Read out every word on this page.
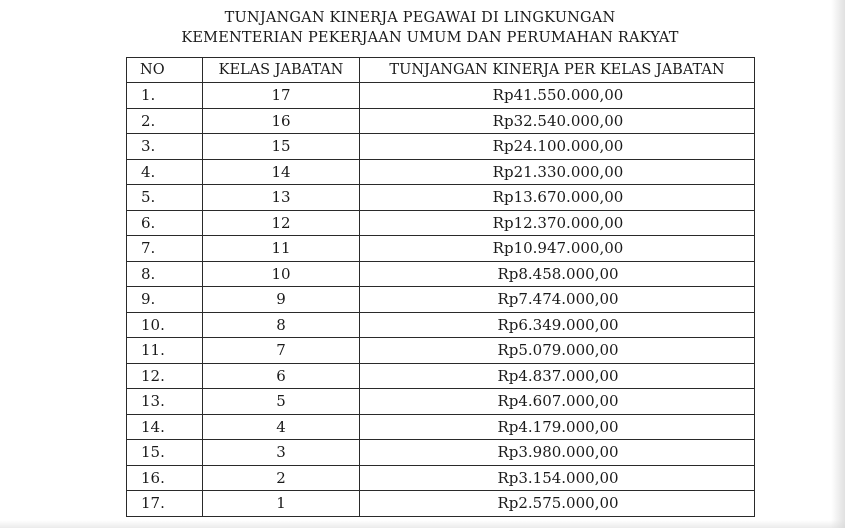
TUNJANGAN KINERJA PEGAWAI DI LINGKUNGAN
KEMENTERIAN PEKERJAAN UMUM DAN PERUMAHAN RAKYAT
NO	KELAS JABATAN	TUNJANGAN KINERJA PER KELAS JABATAN
1.	17	Rp41.550.000,00
2.	16	Rp32.540.000,00
3.	15	Rp24.100.000,00
4.	14	Rp21.330.000,00
5.	13	Rp13.670.000,00
6.	12	Rp12.370.000,00
7.	11	Rp10.947.000,00
8.	10	Rp8.458.000,00
9.	9	Rp7.474.000,00
10.	8	Rp6.349.000,00
11.	7	Rp5.079.000,00
12.	6	Rp4.837.000,00
13.	5	Rp4.607.000,00
14.	4	Rp4.179.000,00
15.	3	Rp3.980.000,00
16.	2	Rp3.154.000,00
17.	1	Rp2.575.000,00
